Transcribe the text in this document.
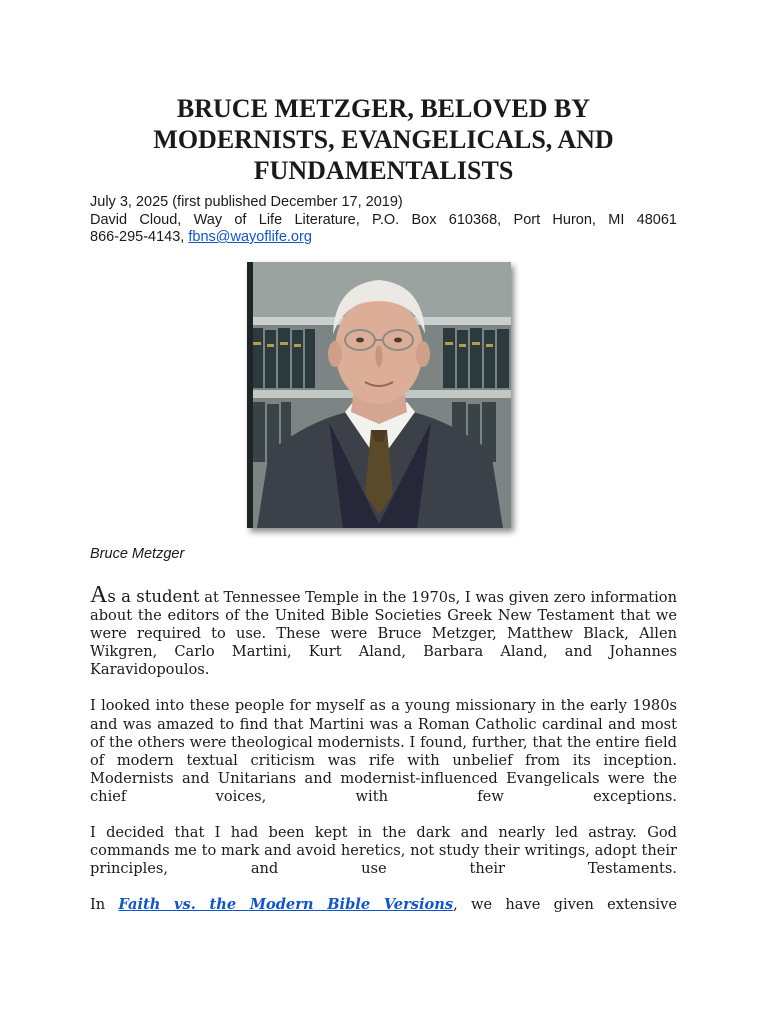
BRUCE METZGER, BELOVED BY MODERNISTS, EVANGELICALS, AND FUNDAMENTALISTS
July 3, 2025 (first published December 17, 2019)
David Cloud, Way of Life Literature, P.O. Box 610368, Port Huron, MI 48061
866-295-4143, fbns@wayoflife.org
Bruce Metzger

As a student at Tennessee Temple in the 1970s, I was given zero information about the editors of the United Bible Societies Greek New Testament that we were required to use. These were Bruce Metzger, Matthew Black, Allen Wikgren, Carlo Martini, Kurt Aland, Barbara Aland, and Johannes Karavidopoulos.

I looked into these people for myself as a young missionary in the early 1980s and was amazed to find that Martini was a Roman Catholic cardinal and most of the others were theological modernists. I found, further, that the entire field of modern textual criticism was rife with unbelief from its inception. Modernists and Unitarians and modernist-influenced Evangelicals were the chief voices, with few exceptions.

I decided that I had been kept in the dark and nearly led astray. God commands me to mark and avoid heretics, not study their writings, adopt their principles, and use their Testaments.

In Faith vs. the Modern Bible Versions, we have given extensive
